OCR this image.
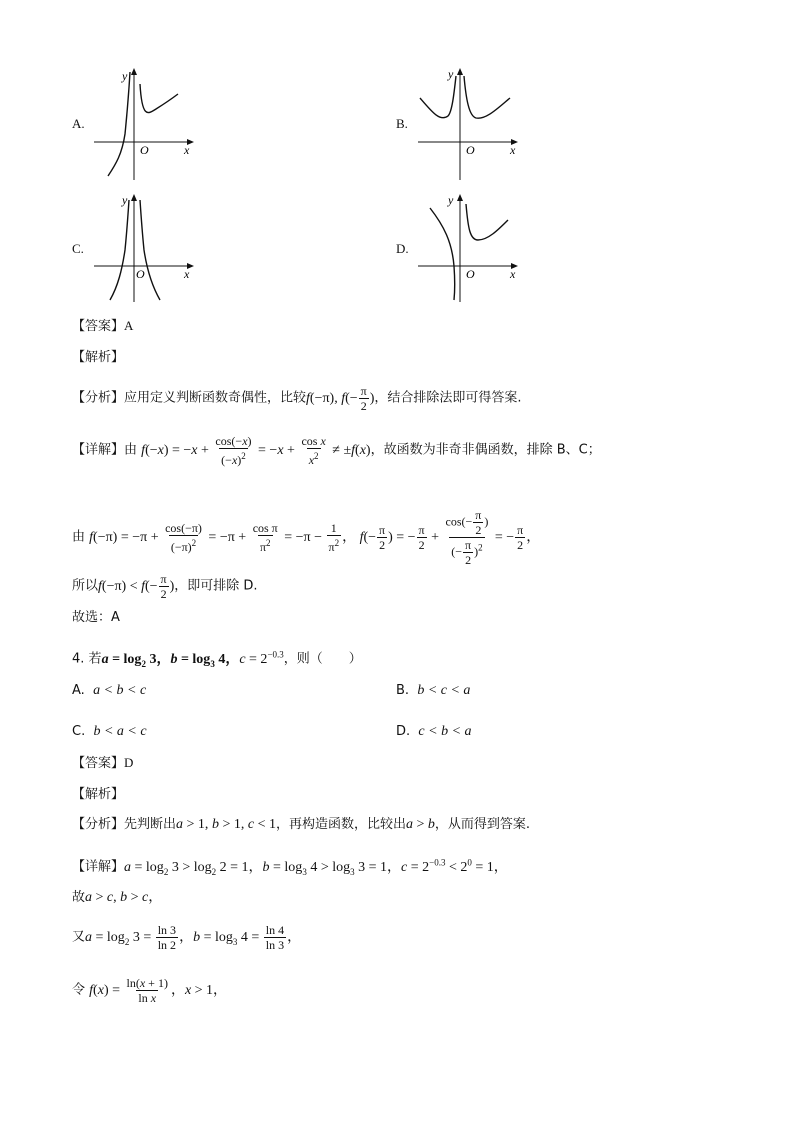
A.
y
O	x
B.
y
O	x
C.
y
O	x
D.
y
O	x
【答案】A
【解析】
【分析】应用定义判断函数奇偶性，比较f(−π), $f(- \frac{\pi}{2}$ )，结合排除法即可得答案.
【详解】由 $f(-x) = -x + \frac{\cos(-x)}{(-x)^2} = -x + \frac{\text{cos x}}{x^2} \ne \pm f(x)$，故函数为非奇非偶函数，排除 B、C；
由 $f(-\pi) = -\pi + \frac{\cos(-\pi)}{(-\pi)^2} = -\pi + \frac{\text{cos π}}{\pi^2} = -\pi - \frac{1}{\pi^2}$ ， $f(- \frac{\pi}{2}$ ) = − $\frac{\pi}{2} + \frac{\cos(- \frac{\pi}{2} )}{(- \frac{\pi}{2} )^2}$ = − $\frac{\pi}{2}$ ，
所以$f(-\pi) < f(- \frac{\pi}{2}$ )，即可排除 D.
故选：A
4. 若$a = \log_2 3$，$b = \log_3 4$，$c = 2^{-0.3}$，则（　　）
A. a < b < c	B. b < c < a
C. b < a < c	D. c < b < a
【答案】D
【解析】
【分析】先判断出a > 1, b > 1, c < 1，再构造函数，比较出a > b，从而得到答案.
【详解】$a = \log_2 3 > \log_2 2 = 1$，$b = \log_3 4 > \log_3 3 = 1$，$c = 2^{-0.3} < 2^0 = 1$，
故a > c, b > c，
又$a = \log_2 3 = \frac{\ln 3}{\ln 2}$ ，$b = \log_3 4 = \frac{\ln 4}{\ln 3}$ ，
令 $f(x) = \frac{\ln(x + 1)}{\text{ln x}}$ ，x > 1，
